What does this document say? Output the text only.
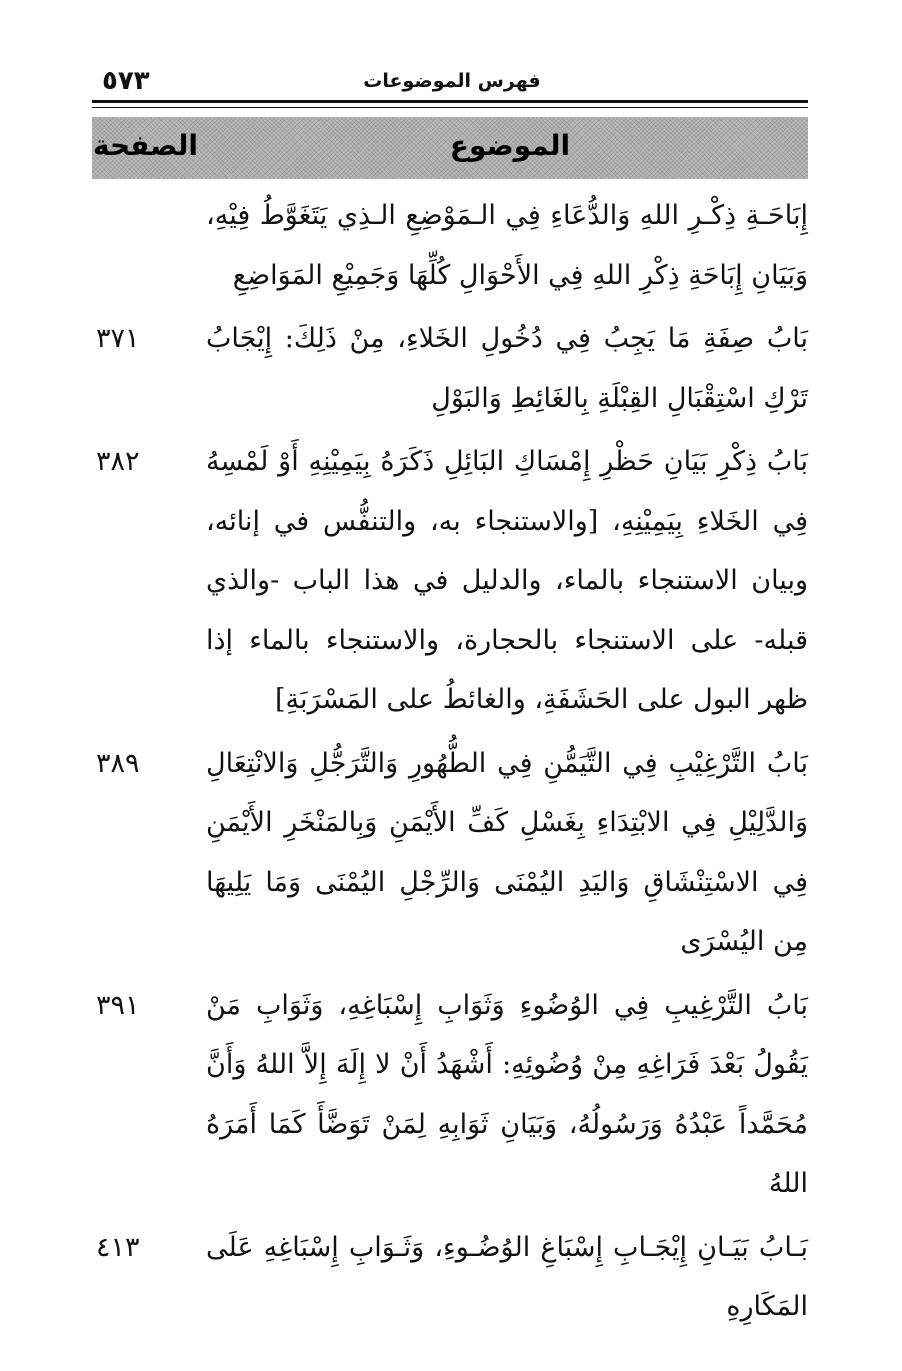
٥٧٣	فهرس الموضوعات
الموضوع
الصفحة
إِبَاحَـةِ ذِكْـرِ اللهِ وَالدُّعَاءِ فِي الـمَوْضِعِ الـذِي يَتَغَوَّطُ فِيْهِ، وَبَيَانِ إِبَاحَةِ ذِكْرِ اللهِ فِي الأَحْوَالِ كُلِّهَا وَجَمِيْعِ المَوَاضِعِ
بَابُ صِفَةِ مَا يَجِبُ فِي دُخُولِ الخَلاءِ، مِنْ ذَلِكَ: إِيْجَابُ تَرْكِ اسْتِقْبَالِ القِبْلَةِ بِالغَائِطِ وَالبَوْلِ
٣٧١
بَابُ ذِكْرِ بَيَانِ حَظْرِ إِمْسَاكِ البَائِلِ ذَكَرَهُ بِيَمِيْنِهِ أَوْ لَمْسِهُ فِي الخَلاءِ بِيَمِيْنِهِ، [والاستنجاء به، والتنفُّس في إنائه، وبيان الاستنجاء بالماء، والدليل في هذا الباب -والذي قبله- على الاستنجاء بالحجارة، والاستنجاء بالماء إذا ظهر البول على الحَشَفَةِ، والغائطُ على المَسْرَبَةِ]
٣٨٢
بَابُ التَّرْغِيْبِ فِي التَّيَمُّنِ فِي الطُّهُورِ وَالتَّرَجُّلِ وَالانْتِعَالِ وَالدَّلِيْلِ فِي الابْتِدَاءِ بِغَسْلِ كَفِّ الأَيْمَنِ وَبِالمَنْخَرِ الأَيْمَنِ فِي الاسْتِنْشَاقِ وَاليَدِ اليُمْنَى وَالرِّجْلِ اليُمْنَى وَمَا يَلِيهَا مِن اليُسْرَى
٣٨٩
بَابُ التَّرْغِيبِ فِي الوُضُوءِ وَثَوَابِ إِسْبَاغِهِ، وَثَوَابِ مَنْ يَقُولُ بَعْدَ فَرَاغِهِ مِنْ وُضُوئِهِ: أَشْهَدُ أَنْ لا إِلَهَ إِلاَّ اللهُ وَأَنَّ مُحَمَّداً عَبْدُهُ وَرَسُولُهُ، وَبَيَانِ ثَوَابِهِ لِمَنْ تَوَضَّأَ كَمَا أَمَرَهُ اللهُ
٣٩١
بَـابُ بَيَـانِ إِيْجَـابِ إِسْبَاغِ الوُضُـوءِ، وَثَـوَابِ إِسْبَاغِهِ عَلَى المَكَارِهِ
٤١٣
